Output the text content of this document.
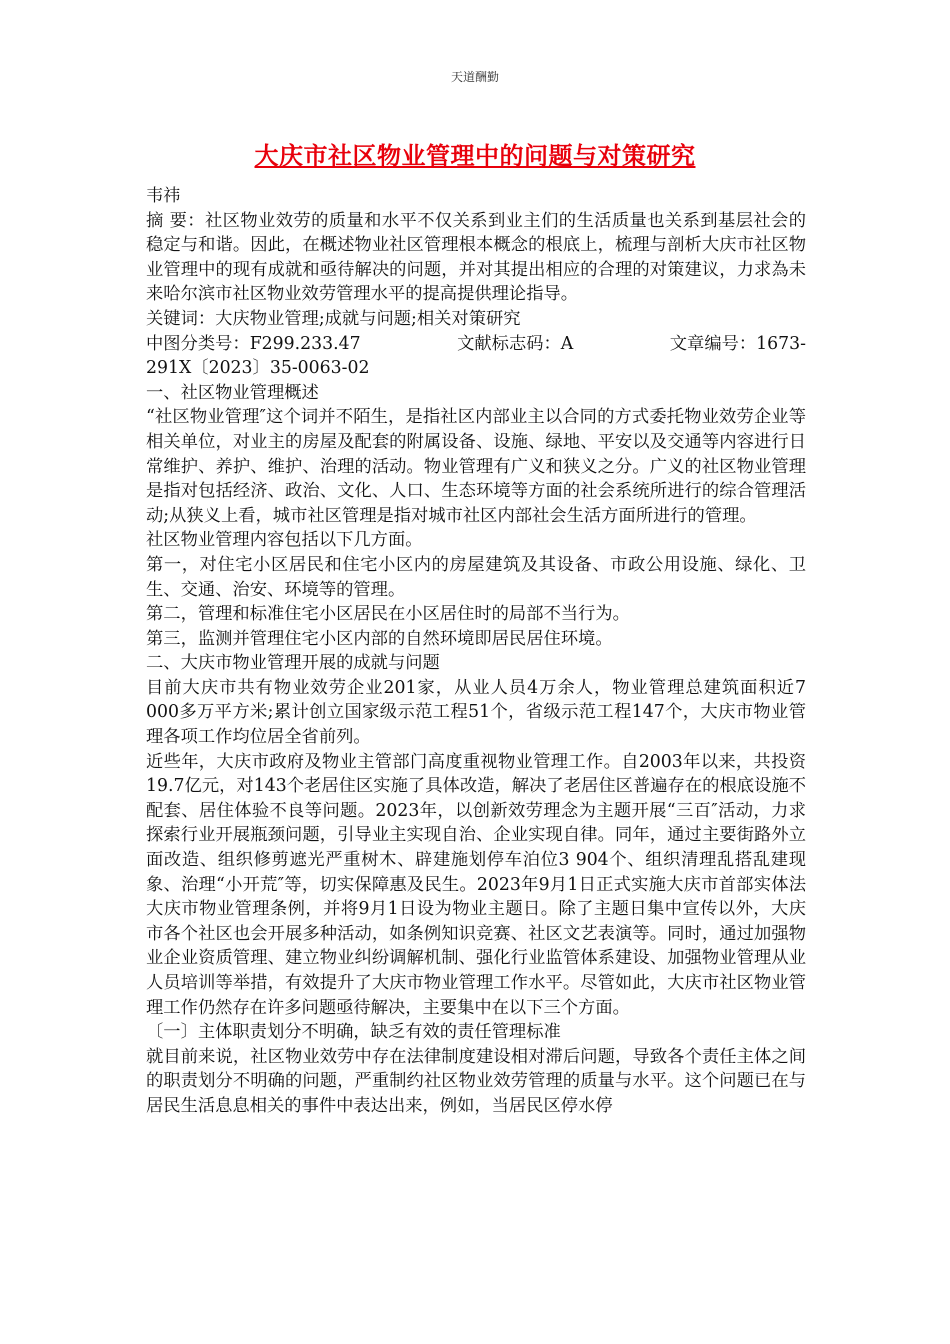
天道酬勤
大庆市社区物业管理中的问题与对策研究

韦祎

摘 要：社区物业效劳的质量和水平不仅关系到业主们的生活质量也关系到基层社会的稳定与和谐。因此，在概述物业社区管理根本概念的根底上，梳理与剖析大庆市社区物业管理中的现有成就和亟待解决的问题，并对其提出相应的合理的对策建议，力求為未来哈尔滨市社区物业效劳管理水平的提高提供理论指导。

关键词：大庆物业管理;成就与问题;相关对策研究

中图分类号：F299.233.47	文献标志码：A	文章编号：1673-

291X〔2023〕35-0063-02

一、社区物业管理概述

“社区物业管理″这个词并不陌生，是指社区内部业主以合同的方式委托物业效劳企业等相关单位，对业主的房屋及配套的附属设备、设施、绿地、平安以及交通等内容进行日常维护、养护、维护、治理的活动。物业管理有广义和狭义之分。广义的社区物业管理是指对包括经济、政治、文化、人口、生态环境等方面的社会系统所进行的综合管理活动;从狭义上看，城市社区管理是指对城市社区内部社会生活方面所进行的管理。

社区物业管理内容包括以下几方面。

第一，对住宅小区居民和住宅小区内的房屋建筑及其设备、市政公用设施、绿化、卫生、交通、治安、环境等的管理。

第二，管理和标准住宅小区居民在小区居住时的局部不当行为。

第三，监测并管理住宅小区内部的自然环境即居民居住环境。

二、大庆市物业管理开展的成就与问题

目前大庆市共有物业效劳企业201家，从业人员4万余人，物业管理总建筑面积近7 000多万平方米;累计创立国家级示范工程51个，省级示范工程147个，大庆市物业管理各项工作均位居全省前列。

近些年，大庆市政府及物业主管部门高度重视物业管理工作。自2003年以来，共投资19.7亿元，对143个老居住区实施了具体改造，解决了老居住区普遍存在的根底设施不配套、居住体验不良等问题。2023年，以创新效劳理念为主题开展“三百″活动，力求探索行业开展瓶颈问题，引导业主实现自治、企业实现自律。同年，通过主要街路外立面改造、组织修剪遮光严重树木、辟建施划停车泊位3 904个、组织清理乱搭乱建现象、治理“小开荒″等，切实保障惠及民生。2023年9月1日正式实施大庆市首部实体法大庆市物业管理条例，并将9月1日设为物业主题日。除了主题日集中宣传以外，大庆市各个社区也会开展多种活动，如条例知识竞赛、社区文艺表演等。同时，通过加强物业企业资质管理、建立物业纠纷调解机制、强化行业监管体系建设、加强物业管理从业人员培训等举措，有效提升了大庆市物业管理工作水平。尽管如此，大庆市社区物业管理工作仍然存在许多问题亟待解决，主要集中在以下三个方面。

〔一〕主体职责划分不明确，缺乏有效的责任管理标准

就目前来说，社区物业效劳中存在法律制度建设相对滞后问题，导致各个责任主体之间的职责划分不明确的问题，严重制约社区物业效劳管理的质量与水平。这个问题已在与居民生活息息相关的事件中表达出来，例如，当居民区停水停
